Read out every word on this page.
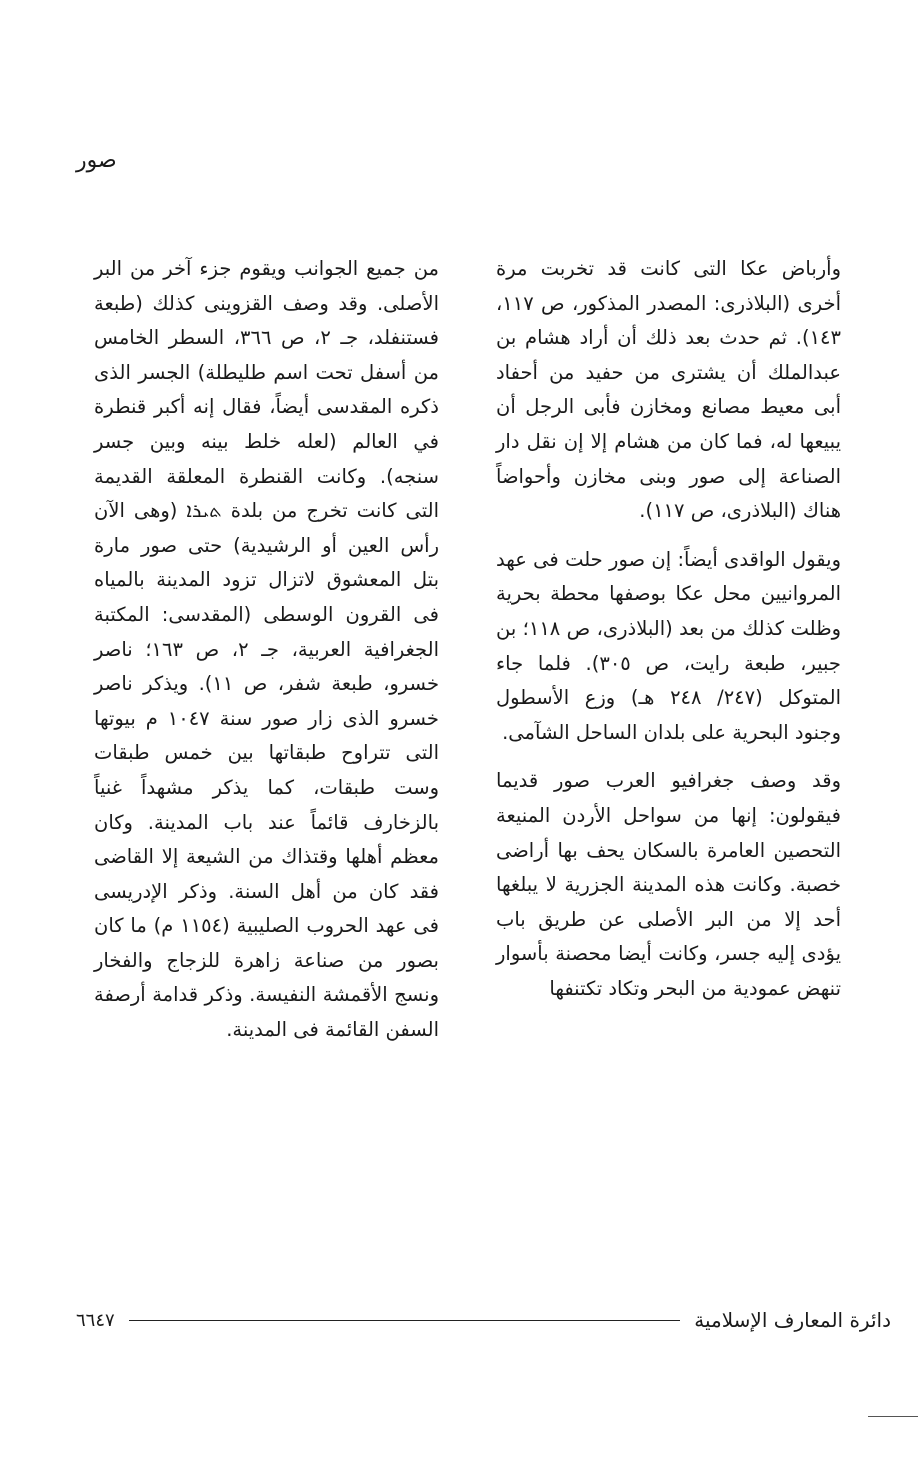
صور

وأرباض عكا التى كانت قد تخربت مرة أخرى (البلاذرى: المصدر المذكور، ص ١١٧، ١٤٣). ثم حدث بعد ذلك أن أراد هشام بن عبدالملك أن يشترى من حفيد من أحفاد أبى معيط مصانع ومخازن فأبى الرجل أن يبيعها له، فما كان من هشام إلا إن نقل دار الصناعة إلى صور وبنى مخازن وأحواضاً هناك (البلاذرى، ص ١١٧).

ويقول الواقدى أيضاً: إن صور حلت فى عهد المروانيين محل عكا بوصفها محطة بحرية وظلت كذلك من بعد (البلاذرى، ص ١١٨؛ بن جبير، طبعة رايت، ص ٣٠٥). فلما جاء المتوكل (٢٤٧/ ٢٤٨ هـ) وزع الأسطول وجنود البحرية على بلدان الساحل الشآمى.

وقد وصف جغرافيو العرب صور قديما فيقولون: إنها من سواحل الأردن المنيعة التحصين العامرة بالسكان يحف بها أراضى خصبة. وكانت هذه المدينة الجزرية لا يبلغها أحد إلا من البر الأصلى عن طريق باب يؤدى إليه جسر، وكانت أيضا محصنة بأسوار تنهض عمودية من البحر وتكاد تكتنفها

من جميع الجوانب ويقوم جزء آخر من البر الأصلى. وقد وصف القزوينى كذلك (طبعة فستنفلد، جـ ٢، ص ٣٦٦، السطر الخامس من أسفل تحت اسم طليطلة) الجسر الذى ذكره المقدسى أيضاً، فقال إنه أكبر قنطرة في العالم (لعله خلط بينه وبين جسر سنجه). وكانت القنطرة المعلقة القديمة التى كانت تخرج من بلدة ܬܝܪܐ (وهى الآن رأس العين أو الرشيدية) حتى صور مارة بتل المعشوق لاتزال تزود المدينة بالمياه فى القرون الوسطى (المقدسى: المكتبة الجغرافية العربية، جـ ٢، ص ١٦٣؛ ناصر خسرو، طبعة شفر، ص ١١). ويذكر ناصر خسرو الذى زار صور سنة ١٠٤٧ م بيوتها التى تتراوح طبقاتها بين خمس طبقات وست طبقات، كما يذكر مشهداً غنياً بالزخارف قائماً عند باب المدينة. وكان معظم أهلها وقتذاك من الشيعة إلا القاضى فقد كان من أهل السنة. وذكر الإدريسى فى عهد الحروب الصليبية (١١٥٤ م) ما كان بصور من صناعة زاهرة للزجاج والفخار ونسج الأقمشة النفيسة. وذكر قدامة أرصفة السفن القائمة فى المدينة.

دائرة المعارف الإسلامية
٦٦٤٧
